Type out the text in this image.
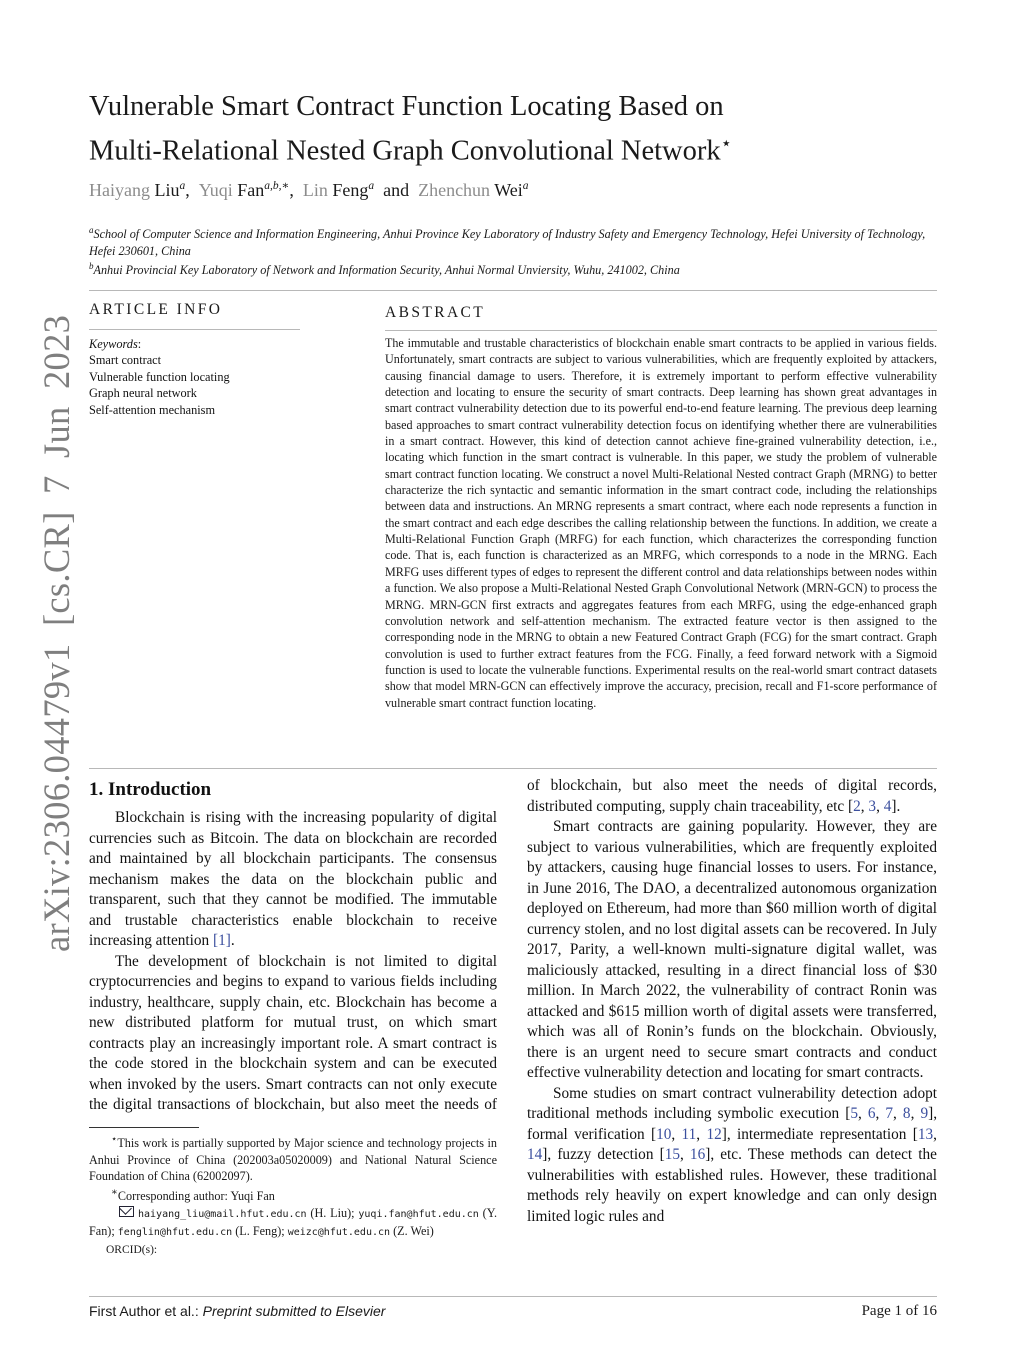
arXiv:2306.04479v1 [cs.CR] 7 Jun 2023
Vulnerable Smart Contract Function Locating Based on
Multi-Relational Nested Graph Convolutional Network⋆
Haiyang Liu$^a$, Yuqi Fan$^{a,b,∗}$, Lin Feng$^a$ and Zhenchun Wei$^a$
$^a$School of Computer Science and Information Engineering, Anhui Province Key Laboratory of Industry Safety and Emergency Technology, Hefei University of Technology, Hefei 230601, China
$^b$Anhui Provincial Key Laboratory of Network and Information Security, Anhui Normal Unviersity, Wuhu, 241002, China
ARTICLE INFO
Keywords:
Smart contract
Vulnerable function locating
Graph neural network
Self-attention mechanism
ABSTRACT
The immutable and trustable characteristics of blockchain enable smart contracts to be applied in various fields. Unfortunately, smart contracts are subject to various vulnerabilities, which are frequently exploited by attackers, causing financial damage to users. Therefore, it is extremely important to perform effective vulnerability detection and locating to ensure the security of smart contracts. Deep learning has shown great advantages in smart contract vulnerability detection due to its powerful end-to-end feature learning. The previous deep learning based approaches to smart contract vulnerability detection focus on identifying whether there are vulnerabilities in a smart contract. However, this kind of detection cannot achieve fine-grained vulnerability detection, i.e., locating which function in the smart contract is vulnerable. In this paper, we study the problem of vulnerable smart contract function locating. We construct a novel Multi-Relational Nested contract Graph (MRNG) to better characterize the rich syntactic and semantic information in the smart contract code, including the relationships between data and instructions. An MRNG represents a smart contract, where each node represents a function in the smart contract and each edge describes the calling relationship between the functions. In addition, we create a Multi-Relational Function Graph (MRFG) for each function, which characterizes the corresponding function code. That is, each function is characterized as an MRFG, which corresponds to a node in the MRNG. Each MRFG uses different types of edges to represent the different control and data relationships between nodes within a function. We also propose a Multi-Relational Nested Graph Convolutional Network (MRN-GCN) to process the MRNG. MRN-GCN first extracts and aggregates features from each MRFG, using the edge-enhanced graph convolution network and self-attention mechanism. The extracted feature vector is then assigned to the corresponding node in the MRNG to obtain a new Featured Contract Graph (FCG) for the smart contract. Graph convolution is used to further extract features from the FCG. Finally, a feed forward network with a Sigmoid function is used to locate the vulnerable functions. Experimental results on the real-world smart contract datasets show that model MRN-GCN can effectively improve the accuracy, precision, recall and F1-score performance of vulnerable smart contract function locating.
1. Introduction

Blockchain is rising with the increasing popularity of digital currencies such as Bitcoin. The data on blockchain are recorded and maintained by all blockchain participants. The consensus mechanism makes the data on the blockchain public and transparent, such that they cannot be modified. The immutable and trustable characteristics enable blockchain to receive increasing attention [1].

The development of blockchain is not limited to digital cryptocurrencies and begins to expand to various fields including industry, healthcare, supply chain, etc. Blockchain has become a new distributed platform for mutual trust, on which smart contracts play an increasingly important role. A smart contract is the code stored in the blockchain system and can be executed when invoked by the users. Smart contracts can not only execute the digital transactions of blockchain, but also meet the needs of

of blockchain, but also meet the needs of digital records, distributed computing, supply chain traceability, etc [2, 3, 4].

Smart contracts are gaining popularity. However, they are subject to various vulnerabilities, which are frequently exploited by attackers, causing huge financial losses to users. For instance, in June 2016, The DAO, a decentralized autonomous organization deployed on Ethereum, had more than $60 million worth of digital currency stolen, and no lost digital assets can be recovered. In July 2017, Parity, a well-known multi-signature digital wallet, was maliciously attacked, resulting in a direct financial loss of $30 million. In March 2022, the vulnerability of contract Ronin was attacked and $615 million worth of digital assets were transferred, which was all of Ronin’s funds on the blockchain. Obviously, there is an urgent need to secure smart contracts and conduct effective vulnerability detection and locating for smart contracts.

Some studies on smart contract vulnerability detection adopt traditional methods including symbolic execution [5, 6, 7, 8, 9], formal verification [10, 11, 12], intermediate representation [13, 14], fuzzy detection [15, 16], etc. These methods can detect the vulnerabilities with established rules. However, these traditional methods rely heavily on expert knowledge and can only design limited logic rules and

⋆This work is partially supported by Major science and technology projects in Anhui Province of China (202003a05020009) and National Natural Science Foundation of China (62002097).

∗Corresponding author: Yuqi Fan

haiyang_liu@mail.hfut.edu.cn (H. Liu); yuqi.fan@hfut.edu.cn (Y. Fan); fenglin@hfut.edu.cn (L. Feng); weizc@hfut.edu.cn (Z. Wei)

ORCID(s):

First Author et al.: Preprint submitted to Elsevier	Page 1 of 16
